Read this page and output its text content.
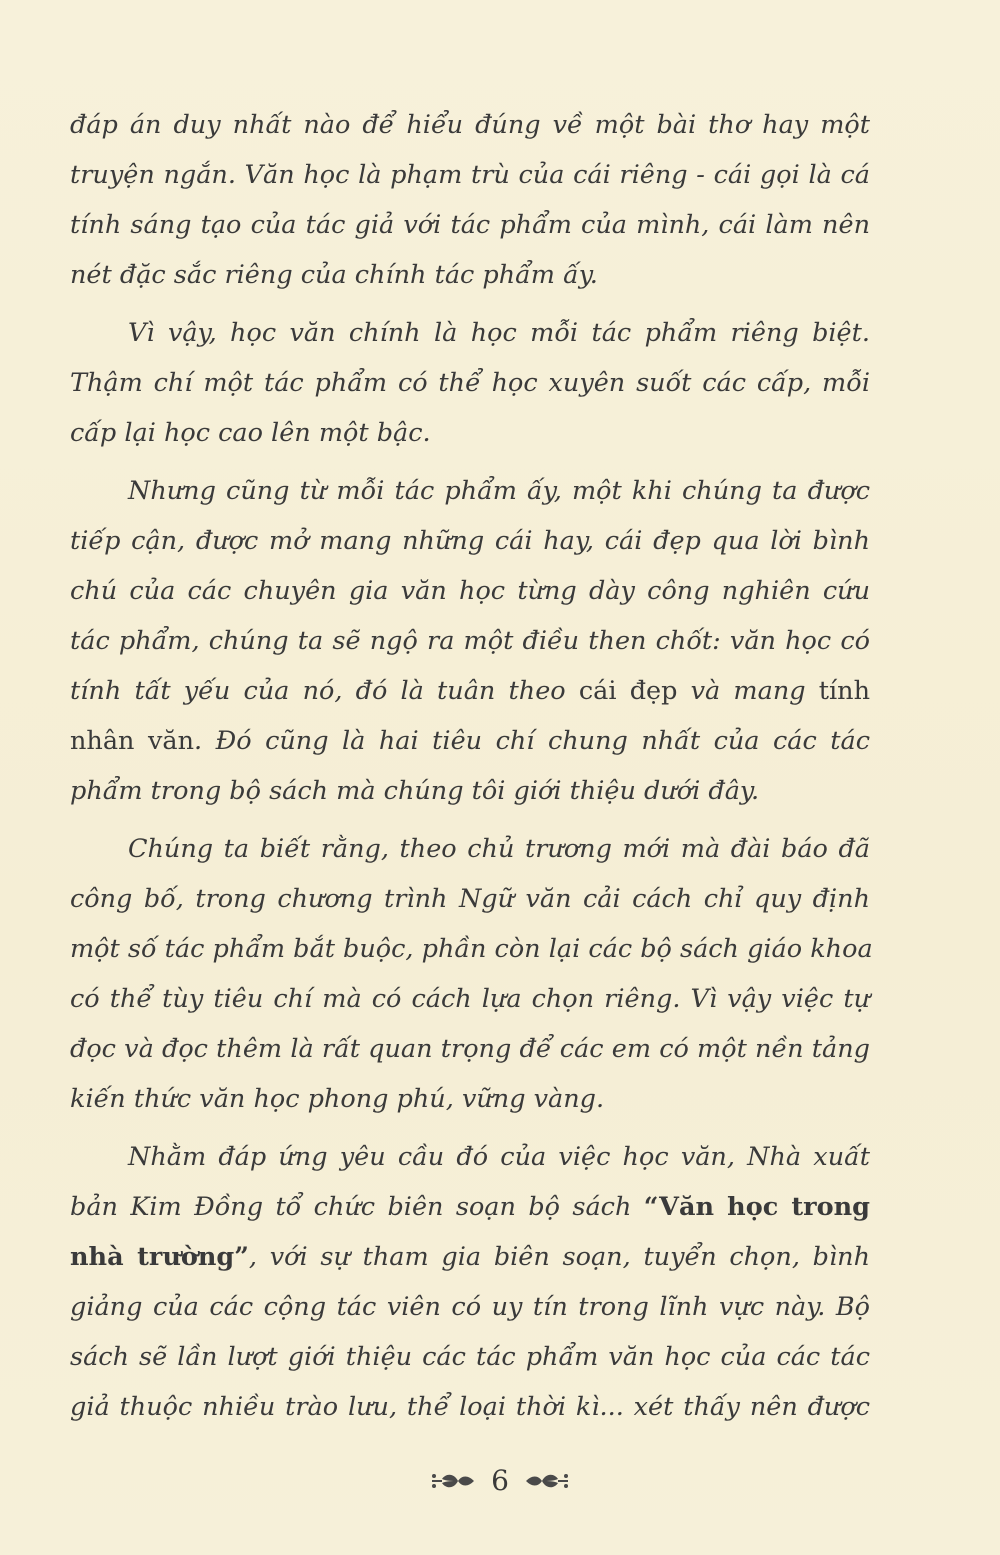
đáp án duy nhất nào để hiểu đúng về một bài thơ hay một
truyện ngắn. Văn học là phạm trù của cái riêng - cái gọi là cá
tính sáng tạo của tác giả với tác phẩm của mình, cái làm nên
nét đặc sắc riêng của chính tác phẩm ấy.
Vì vậy, học văn chính là học mỗi tác phẩm riêng biệt.
Thậm chí một tác phẩm có thể học xuyên suốt các cấp, mỗi
cấp lại học cao lên một bậc.
Nhưng cũng từ mỗi tác phẩm ấy, một khi chúng ta được
tiếp cận, được mở mang những cái hay, cái đẹp qua lời bình
chú của các chuyên gia văn học từng dày công nghiên cứu
tác phẩm, chúng ta sẽ ngộ ra một điều then chốt: văn học có
tính tất yếu của nó, đó là tuân theo cái đẹp và mang tính
nhân văn. Đó cũng là hai tiêu chí chung nhất của các tác
phẩm trong bộ sách mà chúng tôi giới thiệu dưới đây.
Chúng ta biết rằng, theo chủ trương mới mà đài báo đã
công bố, trong chương trình Ngữ văn cải cách chỉ quy định
một số tác phẩm bắt buộc, phần còn lại các bộ sách giáo khoa
có thể tùy tiêu chí mà có cách lựa chọn riêng. Vì vậy việc tự
đọc và đọc thêm là rất quan trọng để các em có một nền tảng
kiến thức văn học phong phú, vững vàng.
Nhằm đáp ứng yêu cầu đó của việc học văn, Nhà xuất
bản Kim Đồng tổ chức biên soạn bộ sách “Văn học trong
nhà trường”, với sự tham gia biên soạn, tuyển chọn, bình
giảng của các cộng tác viên có uy tín trong lĩnh vực này. Bộ
sách sẽ lần lượt giới thiệu các tác phẩm văn học của các tác
giả thuộc nhiều trào lưu, thể loại thời kì... xét thấy nên được
6
